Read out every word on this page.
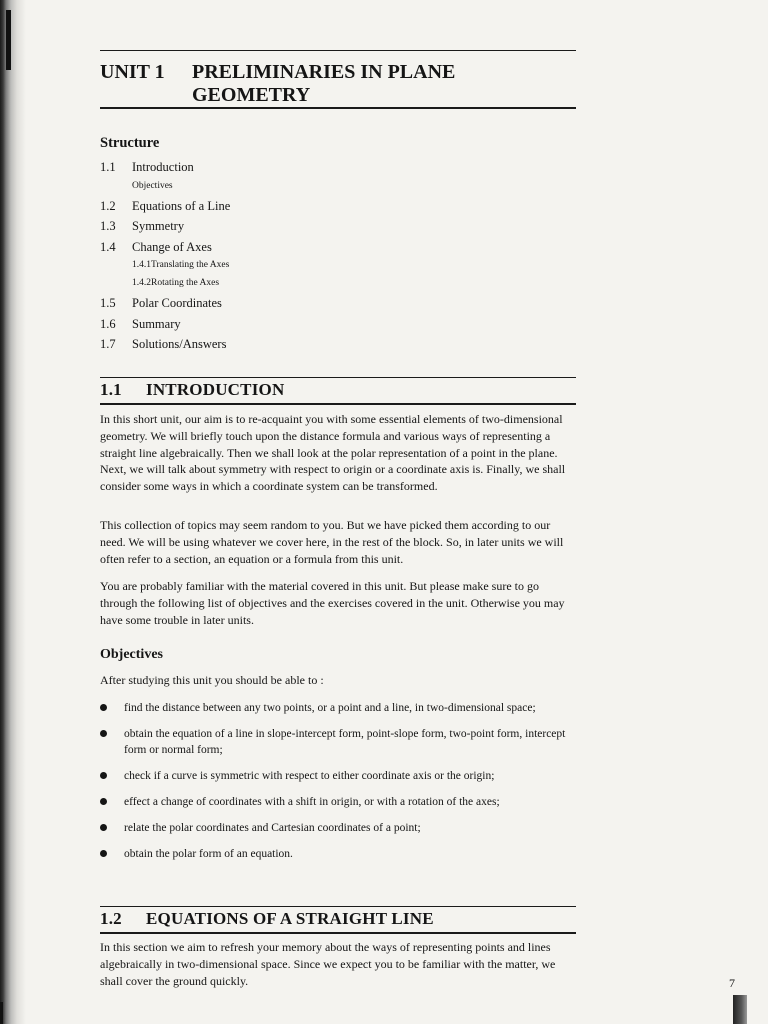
UNIT 1 PRELIMINARIES IN PLANE
GEOMETRY
Structure
1.1 Introduction
Objectives
1.2 Equations of a Line
1.3 Symmetry
1.4 Change of Axes
1.4.1 Translating the Axes
1.4.2 Rotating the Axes
1.5 Polar Coordinates
1.6 Summary
1.7 Solutions/Answers
1.1 INTRODUCTION

In this short unit, our aim is to re-acquaint you with some essential elements of two-dimensional geometry. We will briefly touch upon the distance formula and various ways of representing a straight line algebraically. Then we shall look at the polar representation of a point in the plane. Next, we will talk about symmetry with respect to origin or a coordinate axis is. Finally, we shall consider some ways in which a coordinate system can be transformed.

This collection of topics may seem random to you. But we have picked them according to our need. We will be using whatever we cover here, in the rest of the block. So, in later units we will often refer to a section, an equation or a formula from this unit.

You are probably familiar with the material covered in this unit. But please make sure to go through the following list of objectives and the exercises covered in the unit. Otherwise you may have some trouble in later units.

Objectives

After studying this unit you should be able to :

find the distance between any two points, or a point and a line, in two-dimensional space;
obtain the equation of a line in slope-intercept form, point-slope form, two-point form, intercept form or normal form;
check if a curve is symmetric with respect to either coordinate axis or the origin;
effect a change of coordinates with a shift in origin, or with a rotation of the axes;
relate the polar coordinates and Cartesian coordinates of a point;
obtain the polar form of an equation.
1.2 EQUATIONS OF A STRAIGHT LINE

In this section we aim to refresh your memory about the ways of representing points and lines algebraically in two-dimensional space. Since we expect you to be familiar with the matter, we shall cover the ground quickly.	7
